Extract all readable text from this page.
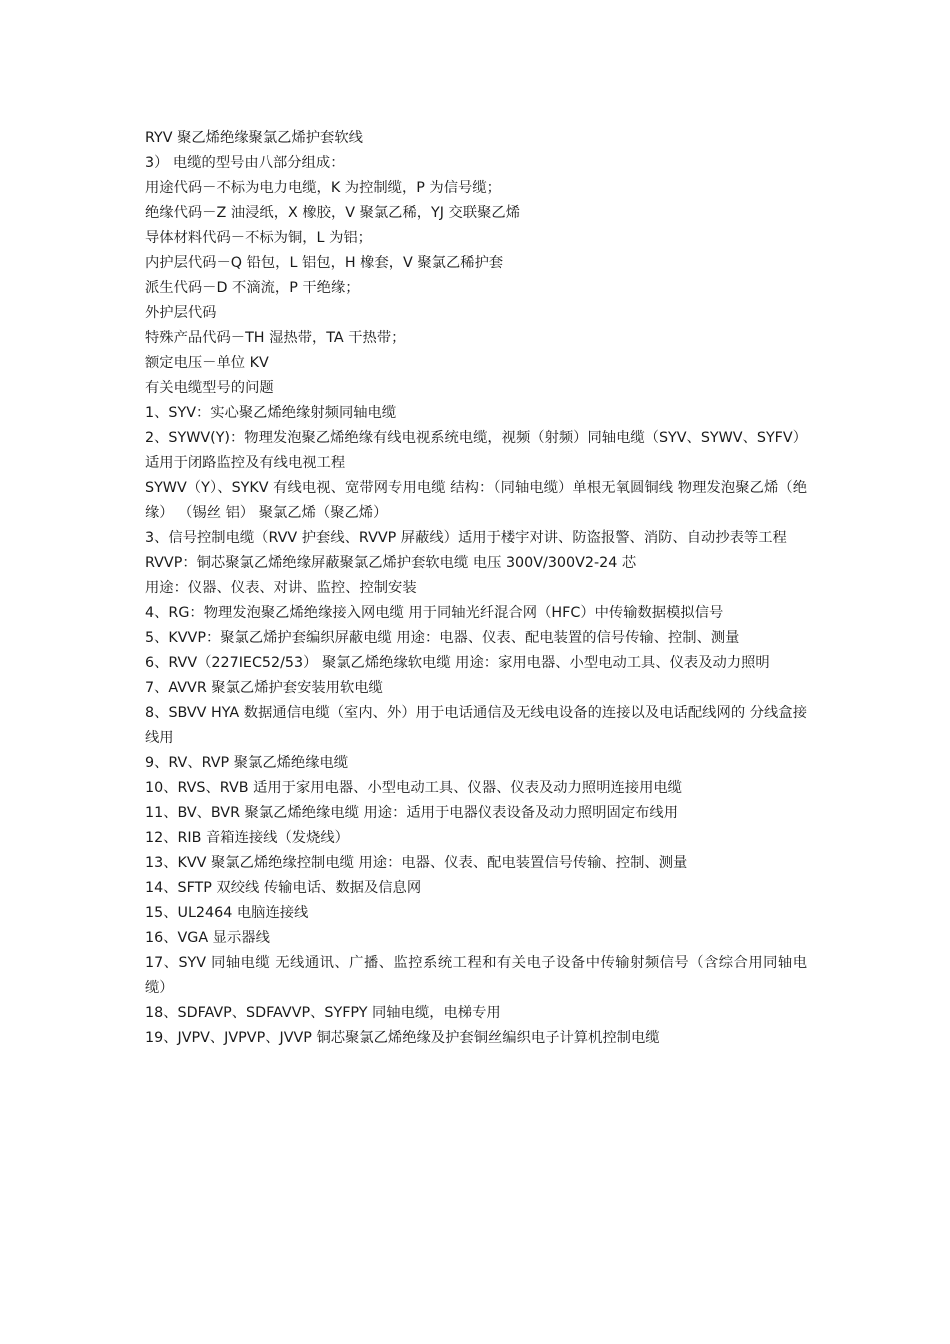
RYV 聚乙烯绝缘聚氯乙烯护套软线

3） 电缆的型号由八部分组成：

用途代码－不标为电力电缆，K 为控制缆，P 为信号缆；

绝缘代码－Z 油浸纸，X 橡胶，V 聚氯乙稀，YJ 交联聚乙烯

导体材料代码－不标为铜，L 为铝；

内护层代码－Q 铅包，L 铝包，H 橡套，V 聚氯乙稀护套

派生代码－D 不滴流，P 干绝缘；

外护层代码

特殊产品代码－TH 湿热带，TA 干热带；

额定电压－单位 KV

有关电缆型号的问题

1、SYV：实心聚乙烯绝缘射频同轴电缆

2、SYWV(Y)：物理发泡聚乙烯绝缘有线电视系统电缆，视频（射频）同轴电缆（SYV、SYWV、SYFV）适用于闭路监控及有线电视工程

SYWV（Y）、SYKV 有线电视、宽带网专用电缆 结构：（同轴电缆）单根无氧圆铜线 物理发泡聚乙烯（绝缘） （锡丝 铝） 聚氯乙烯（聚乙烯）

3、信号控制电缆（RVV 护套线、RVVP 屏蔽线）适用于楼宇对讲、防盗报警、消防、自动抄表等工程

RVVP：铜芯聚氯乙烯绝缘屏蔽聚氯乙烯护套软电缆 电压 300V/300V2-24 芯

用途：仪器、仪表、对讲、监控、控制安装

4、RG：物理发泡聚乙烯绝缘接入网电缆 用于同轴光纤混合网（HFC）中传输数据模拟信号

5、KVVP：聚氯乙烯护套编织屏蔽电缆 用途：电器、仪表、配电装置的信号传输、控制、测量

6、RVV（227IEC52/53） 聚氯乙烯绝缘软电缆 用途：家用电器、小型电动工具、仪表及动力照明

7、AVVR 聚氯乙烯护套安装用软电缆

8、SBVV HYA 数据通信电缆（室内、外）用于电话通信及无线电设备的连接以及电话配线网的 分线盒接线用

9、RV、RVP 聚氯乙烯绝缘电缆

10、RVS、RVB 适用于家用电器、小型电动工具、仪器、仪表及动力照明连接用电缆

11、BV、BVR 聚氯乙烯绝缘电缆 用途：适用于电器仪表设备及动力照明固定布线用

12、RIB 音箱连接线（发烧线）

13、KVV 聚氯乙烯绝缘控制电缆 用途：电器、仪表、配电装置信号传输、控制、测量

14、SFTP 双绞线 传输电话、数据及信息网

15、UL2464 电脑连接线

16、VGA 显示器线

17、SYV 同轴电缆 无线通讯、广播、监控系统工程和有关电子设备中传输射频信号（含综合用同轴电缆）

18、SDFAVP、SDFAVVP、SYFPY 同轴电缆，电梯专用

19、JVPV、JVPVP、JVVP 铜芯聚氯乙烯绝缘及护套铜丝编织电子计算机控制电缆
